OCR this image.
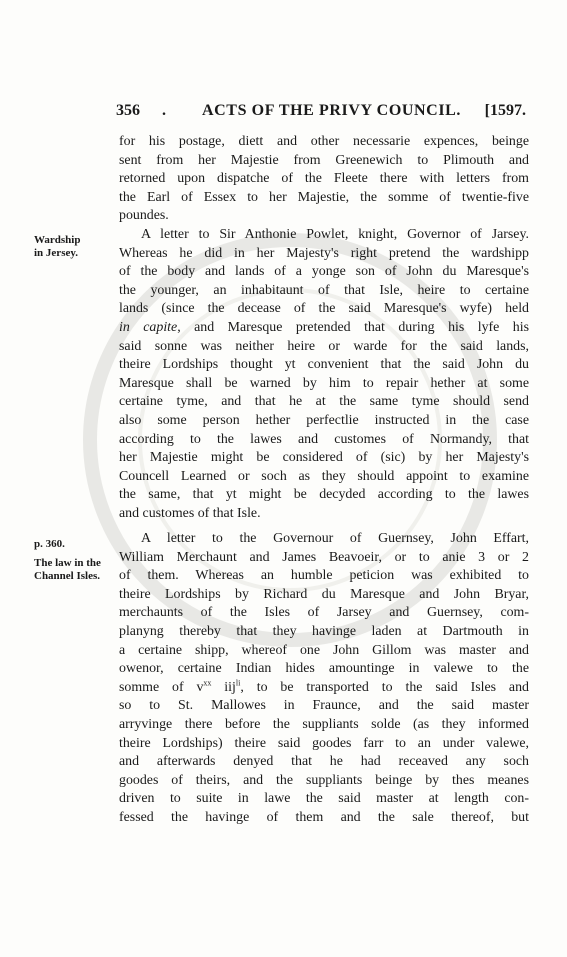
356 . ACTS OF THE PRIVY COUNCIL. [1597.
for his postage, diett and other necessarie expences, beinge
sent from her Majestie from Greenewich to Plimouth and
retorned upon dispatche of the Fleete there with letters from
the Earl of Essex to her Majestie, the somme of twentie-five
poundes.
Wardship
in Jersey.
A letter to Sir Anthonie Powlet, knight, Governor of Jarsey.
Whereas he did in her Majesty's right pretend the wardshipp
of the body and lands of a yonge son of John du Maresque's
the younger, an inhabitaunt of that Isle, heire to certaine
lands (since the decease of the said Maresque's wyfe) held
in capite, and Maresque pretended that during his lyfe his
said sonne was neither heire or warde for the said lands,
theire Lordships thought yt convenient that the said John du
Maresque shall be warned by him to repair hether at some
certaine tyme, and that he at the same tyme should send
also some person hether perfectlie instructed in the case
according to the lawes and customes of Normandy, that
her Majestie might be considered of (sic) by her Majesty's
Councell Learned or soch as they should appoint to examine
the same, that yt might be decyded according to the lawes
and customes of that Isle.
p. 360.
The law in the
Channel Isles.
A letter to the Governour of Guernsey, John Effart,
William Merchaunt and James Beavoeir, or to anie 3 or 2
of them. Whereas an humble peticion was exhibited to
theire Lordships by Richard du Maresque and John Bryar,
merchaunts of the Isles of Jarsey and Guernsey, com-
planyng thereby that they havinge laden at Dartmouth in
a certaine shipp, whereof one John Gillom was master and
owenor, certaine Indian hides amountinge in valewe to the
somme of $v^{xx}$ iij$^{li}$, to be transported to the said Isles and
so to St. Mallowes in Fraunce, and the said master
arryvinge there before the suppliants solde (as they informed
theire Lordships) theire said goodes farr to an under valewe,
and afterwards denyed that he had receaved any soch
goodes of theirs, and the suppliants beinge by thes meanes
driven to suite in lawe the said master at length con-
fessed the havinge of them and the sale thereof, but
